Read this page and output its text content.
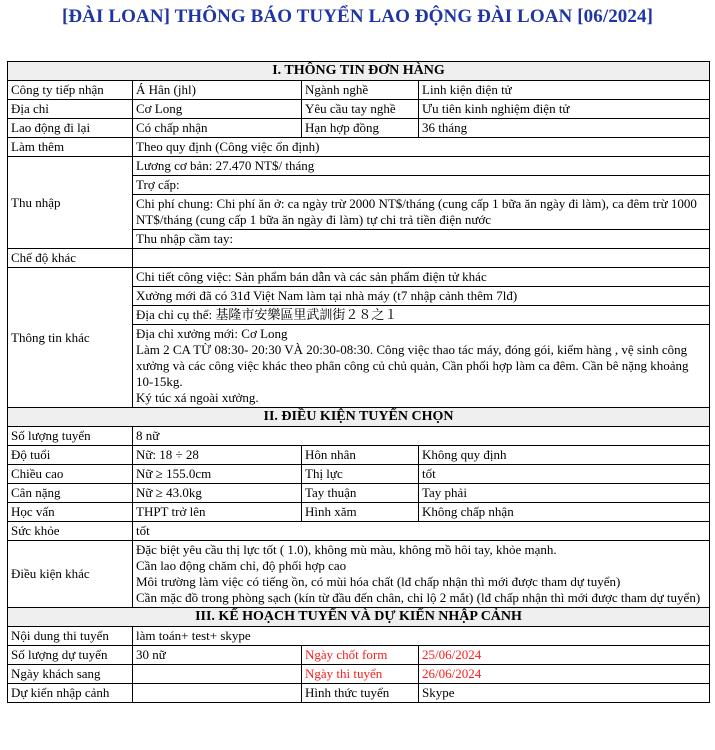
[ĐÀI LOAN] THÔNG BÁO TUYỂN LAO ĐỘNG ĐÀI LOAN [06/2024]
I. THÔNG TIN ĐƠN HÀNG			
Công ty tiếp nhận	Á Hân (jhl)	Ngành nghề	Linh kiện điện tử
Địa chỉ	Cơ Long	Yêu cầu tay nghề	Ưu tiên kinh nghiệm điện tử
Lao động đi lại	Có chấp nhận	Hạn hợp đồng	36 tháng
Làm thêm	Theo quy định (Công việc ổn định)		
Thu nhập	Lương cơ bản: 27.470 NT$/ tháng		
	Trợ cấp:		
	Chi phí chung: Chi phí ăn ở: ca ngày trừ 2000 NT$/tháng (cung cấp 1 bữa ăn ngày đi làm), ca đêm trừ 1000 NT$/tháng (cung cấp 1 bữa ăn ngày đi làm) tự chi trả tiền điện nước		
	Thu nhập cầm tay:		
Chế độ khác			
Thông tin khác	Chi tiết công việc: Sản phẩm bán dẫn và các sản phẩm điện tử khác		
	Xưởng mới đã có 31đ Việt Nam làm tại nhà máy (t7 nhập cảnh thêm 7lđ)		
	Địa chỉ cụ thể: 基隆市安樂區里武訓街２８之１		

	Địa chỉ xưởng mới: Cơ Long
Làm 2 CA TỪ 08:30- 20:30 VÀ 20:30-08:30. Công việc thao tác máy, đóng gói, kiểm hàng , vệ sinh công xưởng và các công việc khác theo phân công củ chủ quản, Cần phối hợp làm ca đêm. Cần bê nặng khoảng 10-15kg.
Ký túc xá ngoài xưởng.		

II. ĐIỀU KIỆN TUYỂN CHỌN			
Số lượng tuyển	8 nữ		
Độ tuổi	Nữ: 18 ÷ 28	Hôn nhân	Không quy định
Chiều cao	Nữ ≥ 155.0cm	Thị lực	tốt
Cân nặng	Nữ ≥ 43.0kg	Tay thuận	Tay phải
Học vấn	THPT trở lên	Hình xăm	Không chấp nhận
Sức khỏe	tốt		
Điều kiện khác	Đặc biệt yêu cầu thị lực tốt ( 1.0), không mù màu, không mồ hôi tay, khỏe mạnh.
Cần lao động chăm chỉ, độ phối hợp cao
Môi trường làm việc có tiếng ồn, có mùi hóa chất (lđ chấp nhận thì mới được tham dự tuyển)
Cần mặc đồ trong phòng sạch (kín từ đầu đến chân, chỉ lộ 2 mắt) (lđ chấp nhận thì mới được tham dự tuyển)		

III. KẾ HOẠCH TUYỂN VÀ DỰ KIẾN NHẬP CẢNH			
Nội dung thi tuyển	làm toán+ test+ skype		
Số lượng dự tuyển	30 nữ	Ngày chốt form	25/06/2024
Ngày khách sang		Ngày thi tuyển	26/06/2024
Dự kiến nhập cảnh		Hình thức tuyển	Skype
